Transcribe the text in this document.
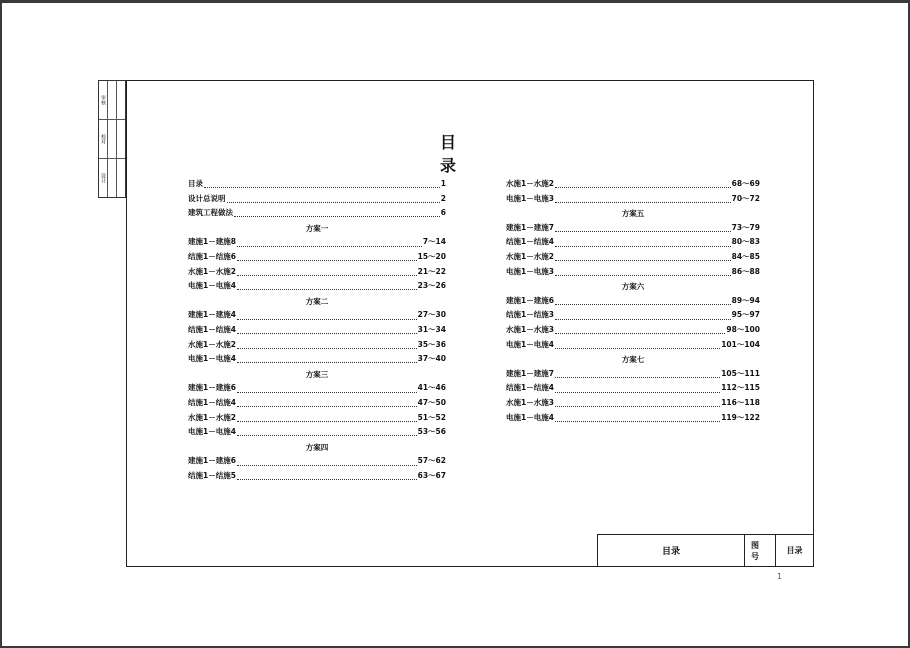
审核
校对
设计
目 录
目录	1
设计总说明	2
建筑工程做法	6
方案一
建施1－建施8	7～14
结施1－结施6	15～20
水施1－水施2	21～22
电施1－电施4	23～26
方案二
建施1－建施4	27～30
结施1－结施4	31～34
水施1－水施2	35～36
电施1－电施4	37～40
方案三
建施1－建施6	41～46
结施1－结施4	47～50
水施1－水施2	51～52
电施1－电施4	53～56
方案四
建施1－建施6	57～62
结施1－结施5	63～67
水施1－水施2	68～69
电施1－电施3	70～72
方案五
建施1－建施7	73～79
结施1－结施4	80～83
水施1－水施2	84～85
电施1－电施3	86～88
方案六
建施1－建施6	89～94
结施1－结施3	95～97
水施1－水施3	98～100
电施1－电施4	101～104
方案七
建施1－建施7	105～111
结施1－结施4	112～115
水施1－水施3	116～118
电施1－电施4	119～122
目录
图号
目录
1
